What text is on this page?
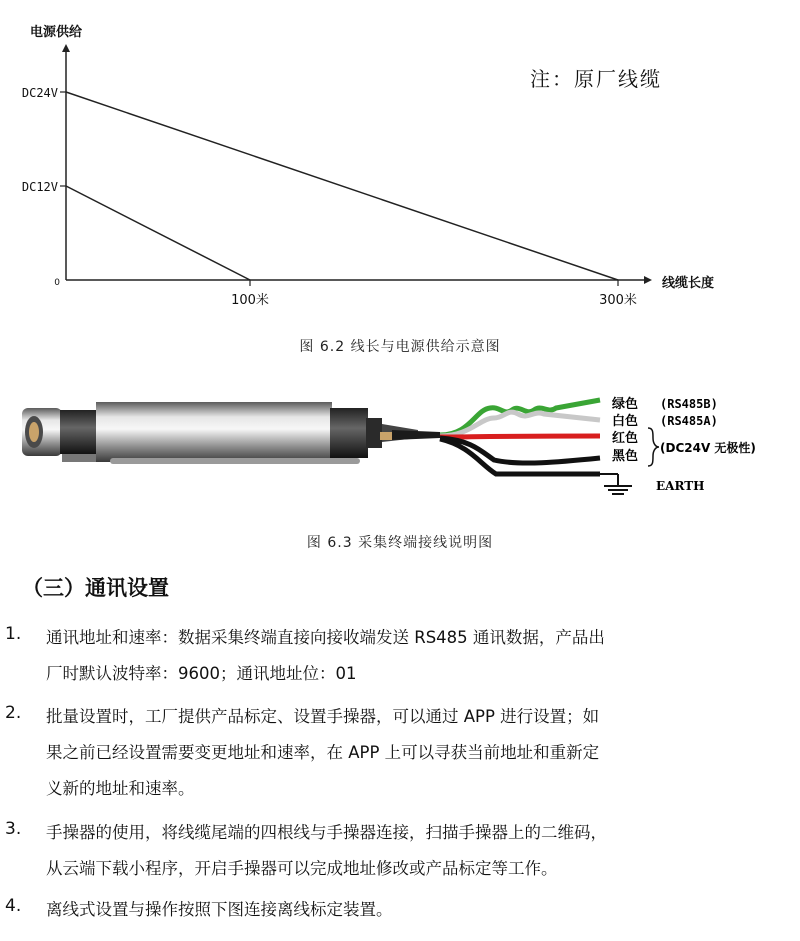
DC24V
DC12V
100米	300米
0
电源供给
线缆长度
注：原厂线缆
图 6.2 线长与电源供给示意图
绿色 (RS485B)
白色 (RS485A)
红色
黑色
(DC24V 无极性)
EARTH
图 6.3 采集终端接线说明图
（三）通讯设置
1. 通讯地址和速率：数据采集终端直接向接收端发送 RS485 通讯数据，产品出
厂时默认波特率：9600；通讯地址位：01
2. 批量设置时，工厂提供产品标定、设置手操器，可以通过 APP 进行设置；如
果之前已经设置需要变更地址和速率，在 APP 上可以寻获当前地址和重新定
义新的地址和速率。
3. 手操器的使用，将线缆尾端的四根线与手操器连接，扫描手操器上的二维码，
从云端下载小程序，开启手操器可以完成地址修改或产品标定等工作。
4. 离线式设置与操作按照下图连接离线标定装置。
